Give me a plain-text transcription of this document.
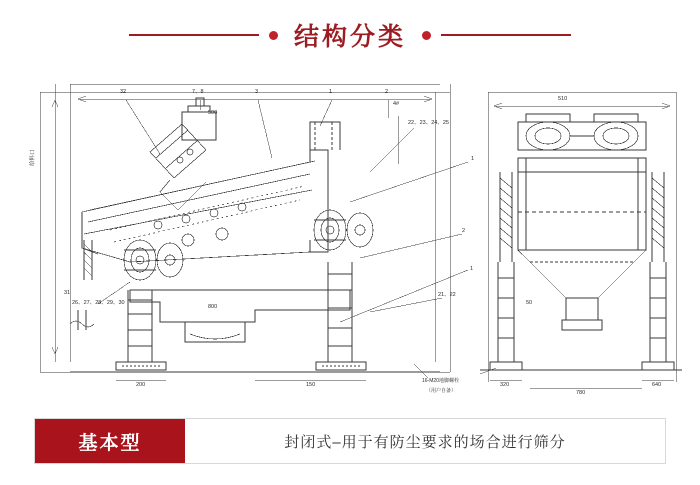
结构分类
32	7、8	3	1
4#
22、23、24、25
2
500
给料口	1
2
1
31
26、27、28、29、30
800
21、22
16-M20地脚螺栓
（用户自备）
510
50
780
200	150	320	640
基本型	封闭式–用于有防尘要求的场合进行筛分
